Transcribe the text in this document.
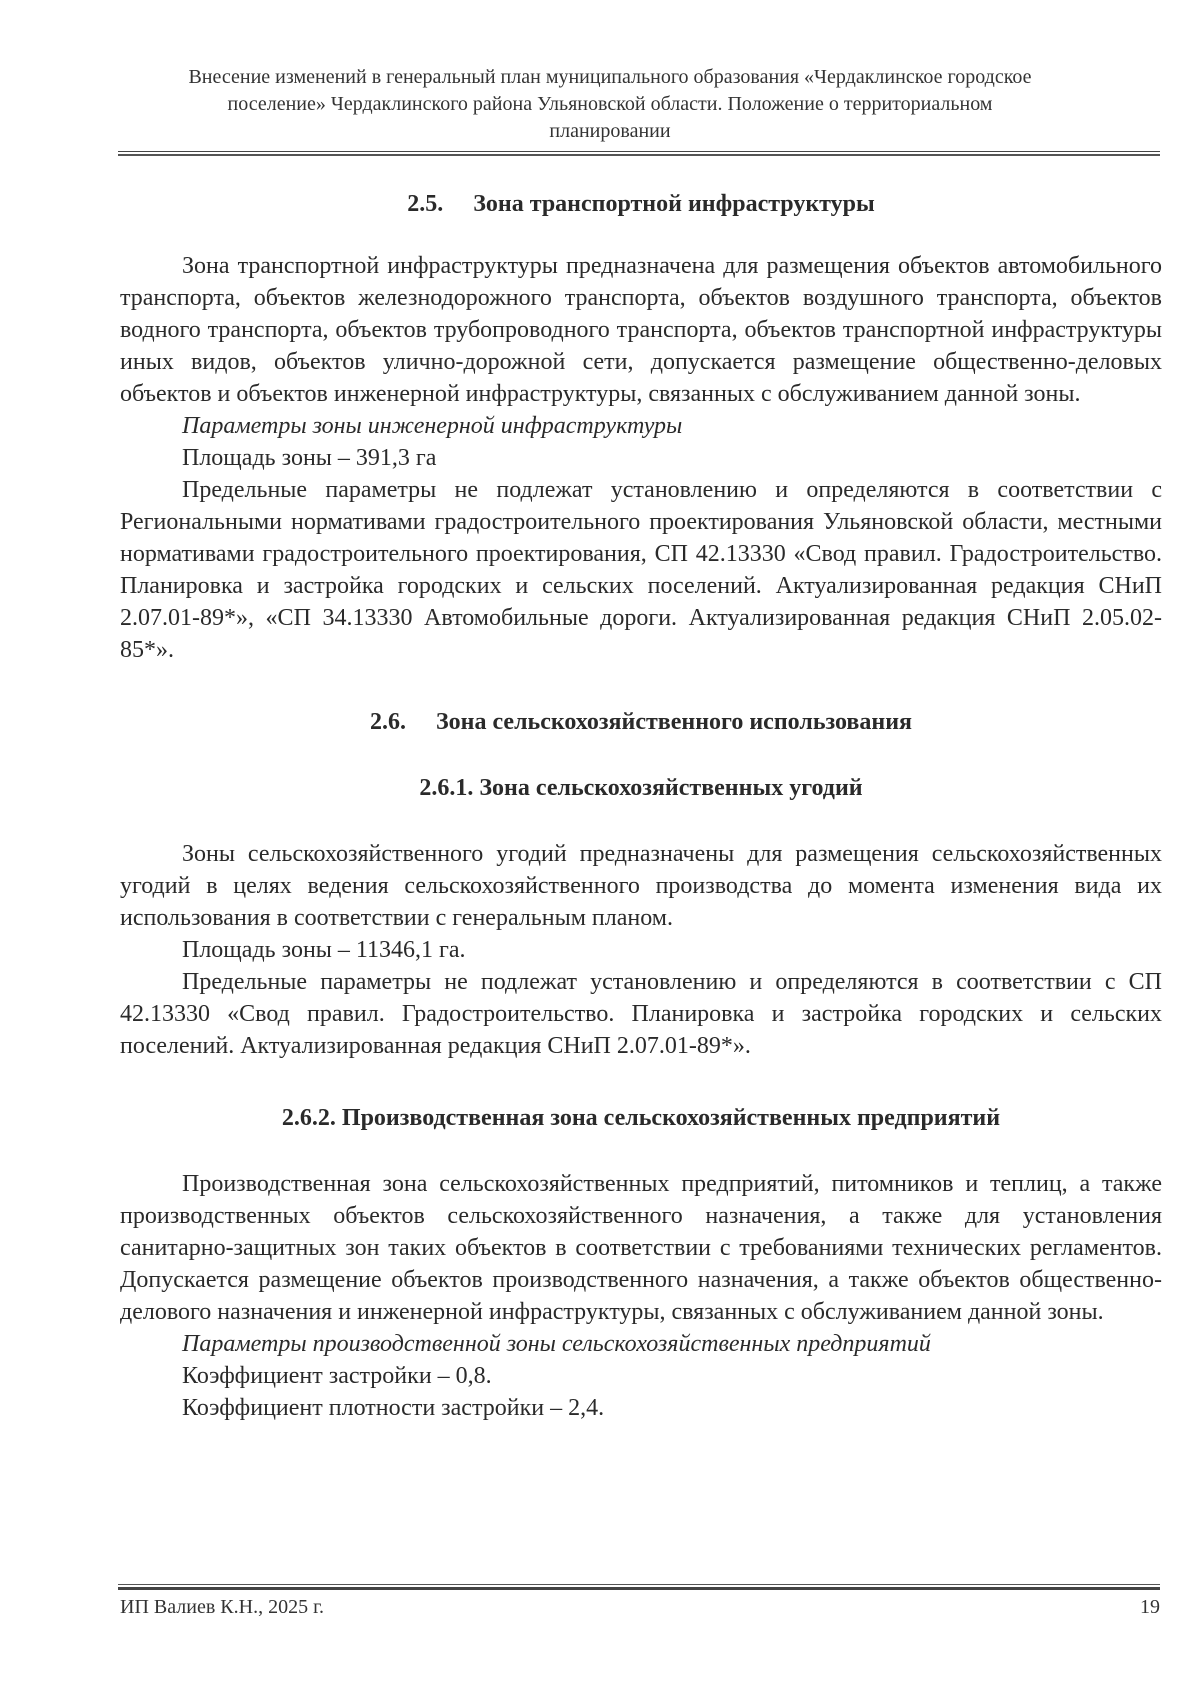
Внесение изменений в генеральный план муниципального образования «Чердаклинское городское
поселение» Чердаклинского района Ульяновской области. Положение о территориальном
планировании
2.5. Зона транспортной инфраструктуры

Зона транспортной инфраструктуры предназначена для размещения объектов автомобильного транспорта, объектов железнодорожного транспорта, объектов воздушного транспорта, объектов водного транспорта, объектов трубопроводного транспорта, объектов транспортной инфраструктуры иных видов, объектов улично-дорожной сети, допускается размещение общественно-деловых объектов и объектов инженерной инфраструктуры, связанных с обслуживанием данной зоны.

Параметры зоны инженерной инфраструктуры

Площадь зоны – 391,3 га

Предельные параметры не подлежат установлению и определяются в соответствии с Региональными нормативами градостроительного проектирования Ульяновской области, местными нормативами градостроительного проектирования, СП 42.13330 «Свод правил. Градостроительство. Планировка и застройка городских и сельских поселений. Актуализированная редакция СНиП 2.07.01-89*», «СП 34.13330 Автомобильные дороги. Актуализированная редакция СНиП 2.05.02-85*».

2.6. Зона сельскохозяйственного использования
2.6.1. Зона сельскохозяйственных угодий

Зоны сельскохозяйственного угодий предназначены для размещения сельскохозяйственных угодий в целях ведения сельскохозяйственного производства до момента изменения вида их использования в соответствии с генеральным планом.

Площадь зоны – 11346,1 га.

Предельные параметры не подлежат установлению и определяются в соответствии с СП 42.13330 «Свод правил. Градостроительство. Планировка и застройка городских и сельских поселений. Актуализированная редакция СНиП 2.07.01-89*».

2.6.2. Производственная зона сельскохозяйственных предприятий

Производственная зона сельскохозяйственных предприятий, питомников и теплиц, а также производственных объектов сельскохозяйственного назначения, а также для установления санитарно-защитных зон таких объектов в соответствии с требованиями технических регламентов. Допускается размещение объектов производственного назначения, а также объектов общественно-делового назначения и инженерной инфраструктуры, связанных с обслуживанием данной зоны.

Параметры производственной зоны сельскохозяйственных предприятий

Коэффициент застройки – 0,8.

Коэффициент плотности застройки – 2,4.

ИП Валиев К.Н., 2025 г.	19
